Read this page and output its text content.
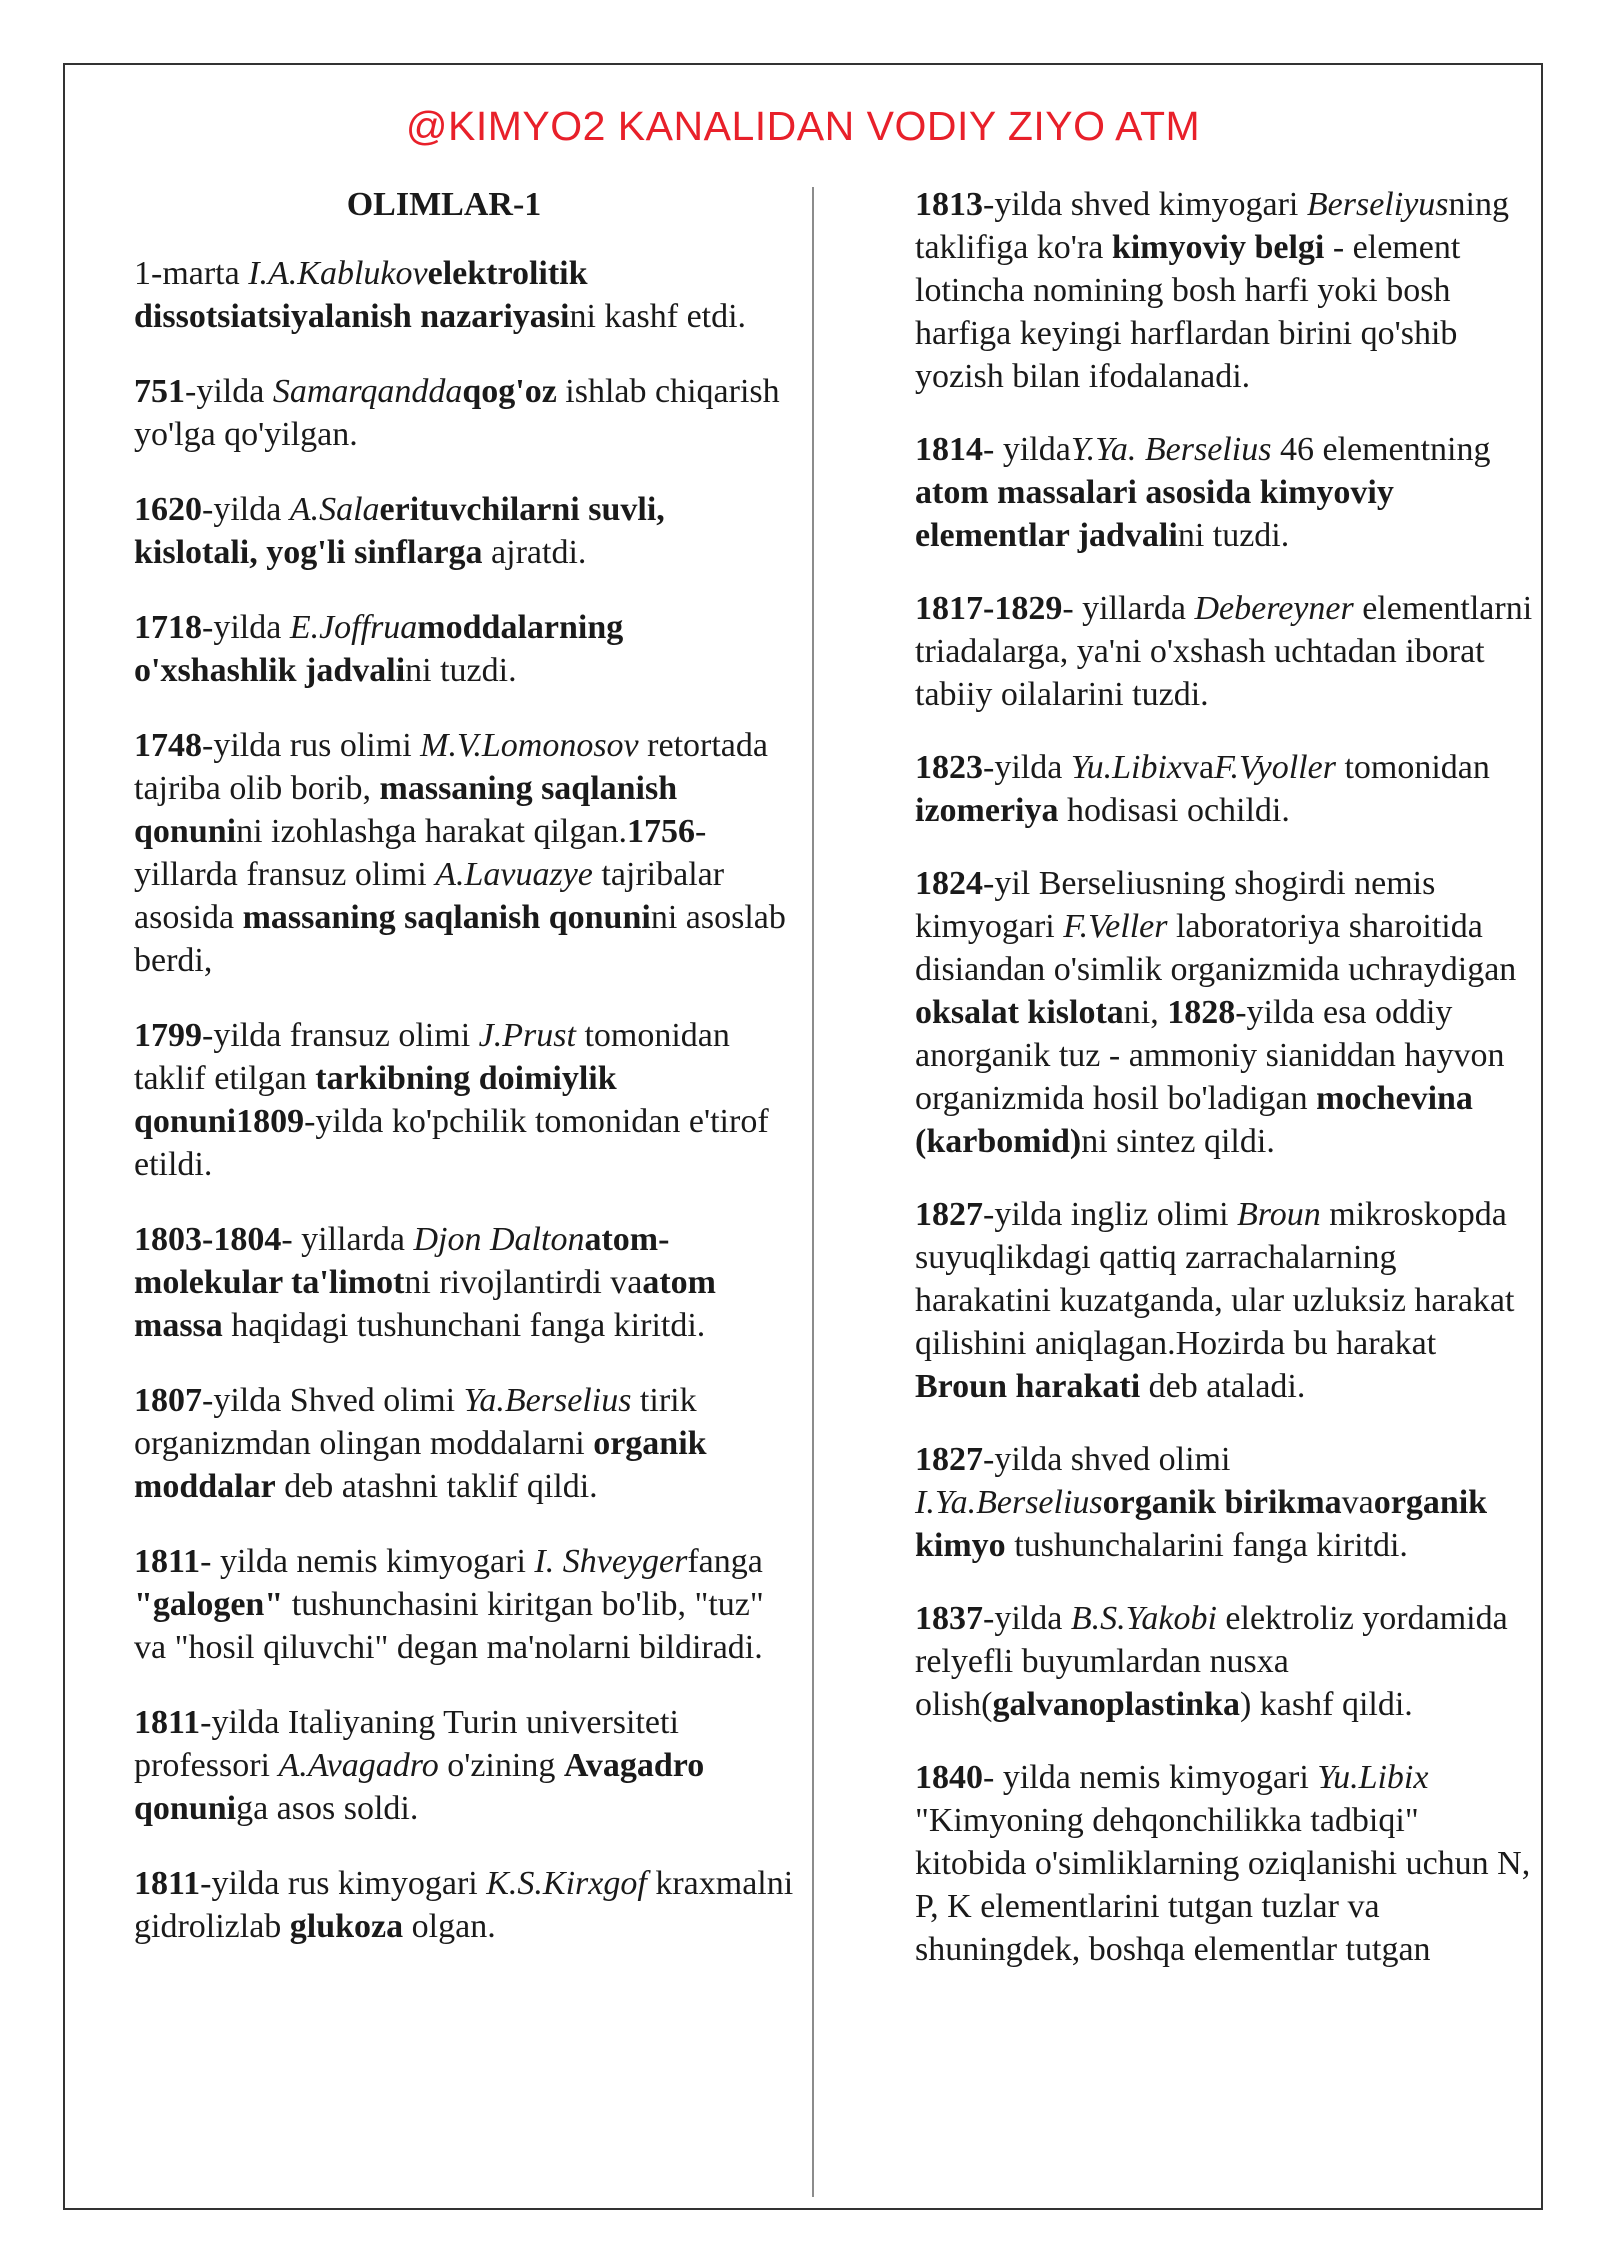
@KIMYO2 KANALIDAN VODIY ZIYO ATM
OLIMLAR-1
1-marta I.A.Kablukovelektrolitik dissotsiatsiyalanish nazariyasini kashf etdi.
751-yilda Samarqanddaqog'oz ishlab chiqarish yo'lga qo'yilgan.
1620-yilda A.Salaerituvchilarni suvli, kislotali, yog'li sinflarga ajratdi.
1718-yilda E.Joffruamoddalarning o'xshashlik jadvalini tuzdi.
1748-yilda rus olimi M.V.Lomonosov retortada tajriba olib borib, massaning saqlanish qonunini izohlashga harakat qilgan.1756-yillarda fransuz olimi A.Lavuazye tajribalar asosida massaning saqlanish qonunini asoslab berdi,
1799-yilda fransuz olimi J.Prust tomonidan taklif etilgan tarkibning doimiylik qonuni1809-yilda ko'pchilik tomonidan e'tirof etildi.
1803-1804- yillarda Djon Daltonatom-molekular ta'limotni rivojlantirdi vaatom massa haqidagi tushunchani fanga kiritdi.
1807-yilda Shved olimi Ya.Berselius tirik organizmdan olingan moddalarni organik moddalar deb atashni taklif qildi.
1811- yilda nemis kimyogari I. Shveygerfanga "galogen" tushunchasini kiritgan bo'lib, "tuz" va "hosil qiluvchi" degan ma'nolarni bildiradi.
1811-yilda Italiyaning Turin universiteti professori A.Avagadro o'zining Avagadro qonuniga asos soldi.
1811-yilda rus kimyogari K.S.Kirxgof kraxmalni gidrolizlab glukoza olgan.
1813-yilda shved kimyogari Berseliyusning taklifiga ko'ra kimyoviy belgi - element lotincha nomining bosh harfi yoki bosh harfiga keyingi harflardan birini qo'shib yozish bilan ifodalanadi.
1814- yildaY.Ya. Berselius 46 elementning atom massalari asosida kimyoviy elementlar jadvalini tuzdi.
1817-1829- yillarda Debereyner elementlarni triadalarga, ya'ni o'xshash uchtadan iborat tabiiy oilalarini tuzdi.
1823-yilda Yu.LibixvaF.Vyoller tomonidan izomeriya hodisasi ochildi.
1824-yil Berseliusning shogirdi nemis kimyogari F.Veller laboratoriya sharoitida disiandan o'simlik organizmida uchraydigan oksalat kislotani, 1828-yilda esa oddiy anorganik tuz - ammoniy sianiddan hayvon organizmida hosil bo'ladigan mochevina (karbomid)ni sintez qildi.
1827-yilda ingliz olimi Broun mikroskopda suyuqlikdagi qattiq zarrachalarning harakatini kuzatganda, ular uzluksiz harakat qilishini aniqlagan.Hozirda bu harakat Broun harakati deb ataladi.
1827-yilda shved olimi I.Ya.Berseliusorganik birikmavaorganik kimyo tushunchalarini fanga kiritdi.
1837-yilda B.S.Yakobi elektroliz yordamida relyefli buyumlardan nusxa olish(galvanoplastinka) kashf qildi.
1840- yilda nemis kimyogari Yu.Libix "Kimyoning dehqonchilikka tadbiqi" kitobida o'simliklarning oziqlanishi uchun N, P, K elementlarini tutgan tuzlar va shuningdek, boshqa elementlar tutgan
